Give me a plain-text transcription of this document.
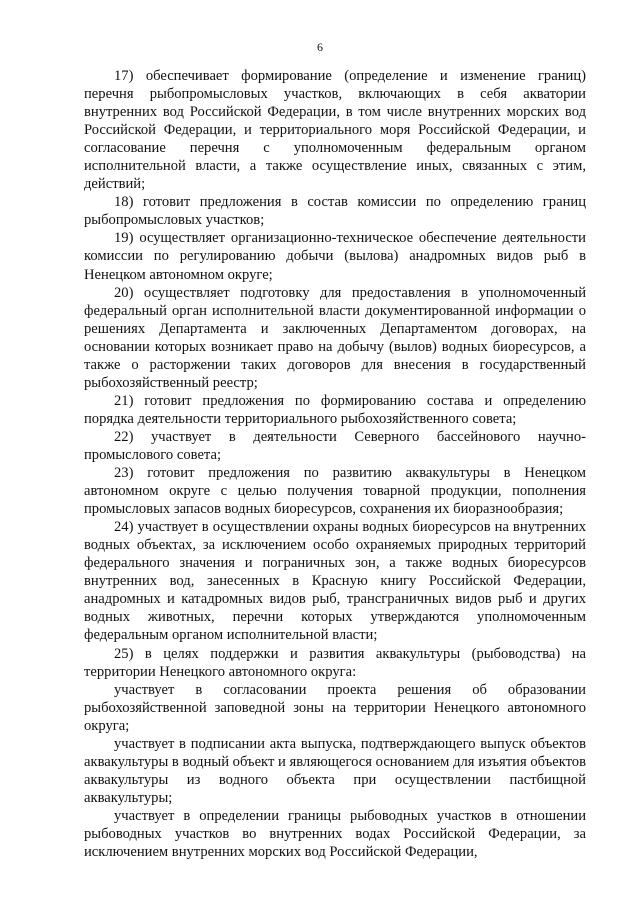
6

17) обеспечивает формирование (определение и изменение границ) перечня рыбопромысловых участков, включающих в себя акватории внутренних вод Российской Федерации, в том числе внутренних морских вод Российской Федерации, и территориального моря Российской Федерации, и согласование перечня с уполномоченным федеральным органом исполнительной власти, а также осуществление иных, связанных с этим, действий;

18) готовит предложения в состав комиссии по определению границ рыбопромысловых участков;

19) осуществляет организационно-техническое обеспечение деятельности комиссии по регулированию добычи (вылова) анадромных видов рыб в Ненецком автономном округе;

20) осуществляет подготовку для предоставления в уполномоченный федеральный орган исполнительной власти документированной информации о решениях Департамента и заключенных Департаментом договорах, на основании которых возникает право на добычу (вылов) водных биоресурсов, а также о расторжении таких договоров для внесения в государственный рыбохозяйственный реестр;

21) готовит предложения по формированию состава и определению порядка деятельности территориального рыбохозяйственного совета;

22) участвует в деятельности Северного бассейнового научно-промыслового совета;

23) готовит предложения по развитию аквакультуры в Ненецком автономном округе с целью получения товарной продукции, пополнения промысловых запасов водных биоресурсов, сохранения их биоразнообразия;

24) участвует в осуществлении охраны водных биоресурсов на внутренних водных объектах, за исключением особо охраняемых природных территорий федерального значения и пограничных зон, а также водных биоресурсов внутренних вод, занесенных в Красную книгу Российской Федерации, анадромных и катадромных видов рыб, трансграничных видов рыб и других водных животных, перечни которых утверждаются уполномоченным федеральным органом исполнительной власти;

25) в целях поддержки и развития аквакультуры (рыбоводства) на территории Ненецкого автономного округа:

участвует в согласовании проекта решения об образовании рыбохозяйственной заповедной зоны на территории Ненецкого автономного округа;

участвует в подписании акта выпуска, подтверждающего выпуск объектов аквакультуры в водный объект и являющегося основанием для изъятия объектов аквакультуры из водного объекта при осуществлении пастбищной аквакультуры;

участвует в определении границы рыбоводных участков в отношении рыбоводных участков во внутренних водах Российской Федерации, за исключением внутренних морских вод Российской Федерации,
